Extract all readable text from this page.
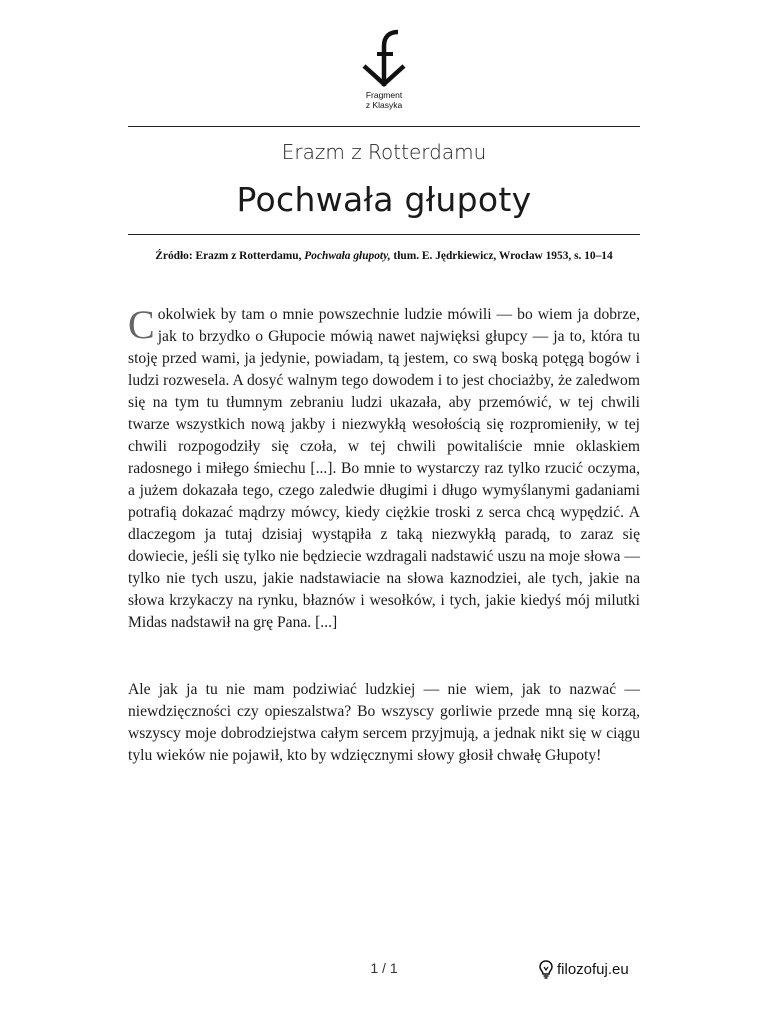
Fragment
z Klasyka
Erazm z Rotterdamu
Pochwała głupoty
Źródło: Erazm z Rotterdamu, Pochwała głupoty, tłum. E. Jędrkiewicz, Wrocław 1953, s. 10–14
Cokolwiek by tam o mnie powszechnie ludzie mówili — bo wiem ja dobrze, jak to brzydko o Głupocie mówią nawet najwięksi głupcy — ja to, która tu stoję przed wami, ja jedynie, powiadam, tą jestem, co swą boską potęgą bogów i ludzi rozwesela. A dosyć walnym tego dowodem i to jest chociażby, że zaledwom się na tym tu tłumnym zebraniu ludzi ukazała, aby przemówić, w tej chwili twarze wszystkich nową jakby i niezwykłą wesołością się rozpromieniły, w tej chwili rozpogodziły się czoła, w tej chwili powitaliście mnie oklaskiem radosnego i miłego śmiechu [...]. Bo mnie to wystarczy raz tylko rzucić oczyma, a jużem dokazała tego, czego zaledwie długimi i długo wymyślanymi gadaniami potrafią dokazać mądrzy mówcy, kiedy ciężkie troski z serca chcą wypędzić. A dlaczegom ja tutaj dzisiaj wystąpiła z taką niezwykłą paradą, to zaraz się dowiecie, jeśli się tylko nie będziecie wzdragali nadstawić uszu na moje słowa — tylko nie tych uszu, jakie nadstawiacie na słowa kaznodziei, ale tych, jakie na słowa krzykaczy na rynku, błaznów i wesołków, i tych, jakie kiedyś mój milutki Midas nadstawił na grę Pana. [...]
Ale jak ja tu nie mam podziwiać ludzkiej — nie wiem, jak to nazwać — niewdzięczności czy opieszalstwa? Bo wszyscy gorliwie przede mną się korzą, wszyscy moje dobrodziejstwa całym sercem przyjmują, a jednak nikt się w ciągu tylu wieków nie pojawił, kto by wdzięcznymi słowy głosił chwałę Głupoty!
1 / 1	filozofuj.eu
